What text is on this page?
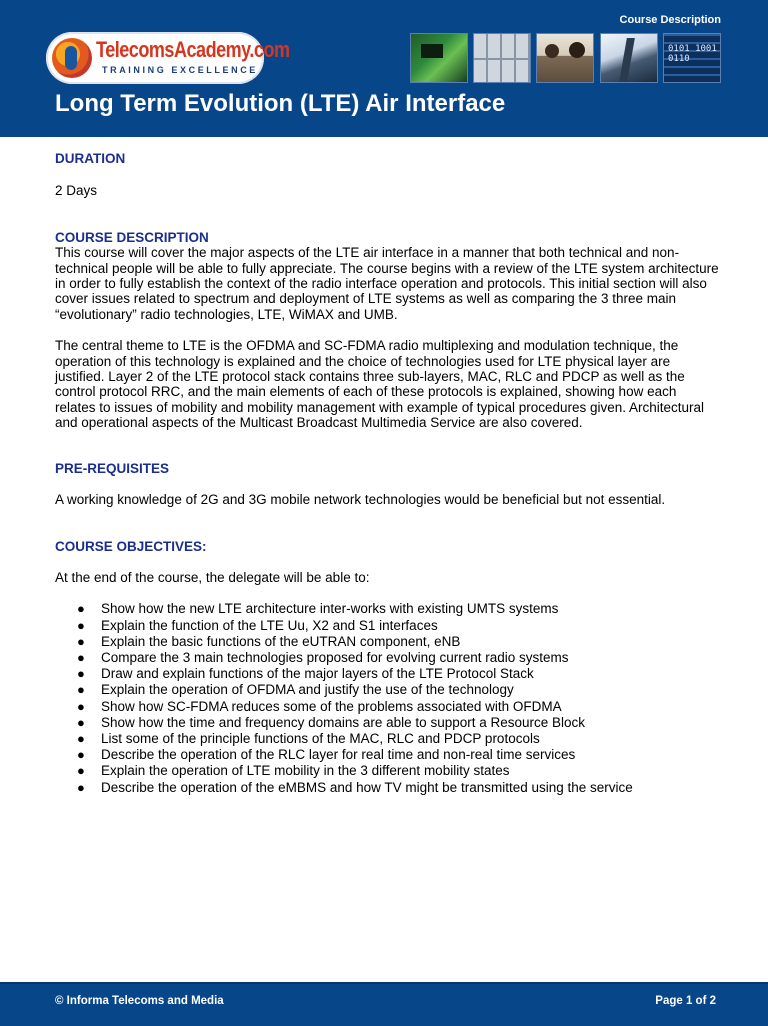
Course Description
TelecomsAcademy.com
TRAINING EXCELLENCE
0101 1001 0110
Long Term Evolution (LTE) Air Interface

DURATION

2 Days

COURSE DESCRIPTION

This course will cover the major aspects of the LTE air interface in a manner that both technical and non-technical people will be able to fully appreciate. The course begins with a review of the LTE system architecture in order to fully establish the context of the radio interface operation and protocols. This initial section will also cover issues related to spectrum and deployment of LTE systems as well as comparing the 3 three main “evolutionary” radio technologies, LTE, WiMAX and UMB.

The central theme to LTE is the OFDMA and SC-FDMA radio multiplexing and modulation technique, the operation of this technology is explained and the choice of technologies used for LTE physical layer are justified. Layer 2 of the LTE protocol stack contains three sub-layers, MAC, RLC and PDCP as well as the control protocol RRC, and the main elements of each of these protocols is explained, showing how each relates to issues of mobility and mobility management with example of typical procedures given. Architectural and operational aspects of the Multicast Broadcast Multimedia Service are also covered.

PRE-REQUISITES

A working knowledge of 2G and 3G mobile network technologies would be beneficial but not essential.

COURSE OBJECTIVES:

At the end of the course, the delegate will be able to:

● Show how the new LTE architecture inter-works with existing UMTS systems
● Explain the function of the LTE Uu, X2 and S1 interfaces
● Explain the basic functions of the eUTRAN component, eNB
● Compare the 3 main technologies proposed for evolving current radio systems
● Draw and explain functions of the major layers of the LTE Protocol Stack
● Explain the operation of OFDMA and justify the use of the technology
● Show how SC-FDMA reduces some of the problems associated with OFDMA
● Show how the time and frequency domains are able to support a Resource Block
● List some of the principle functions of the MAC, RLC and PDCP protocols
● Describe the operation of the RLC layer for real time and non-real time services
● Explain the operation of LTE mobility in the 3 different mobility states
● Describe the operation of the eMBMS and how TV might be transmitted using the service
© Informa Telecoms and Media	Page 1 of 2
